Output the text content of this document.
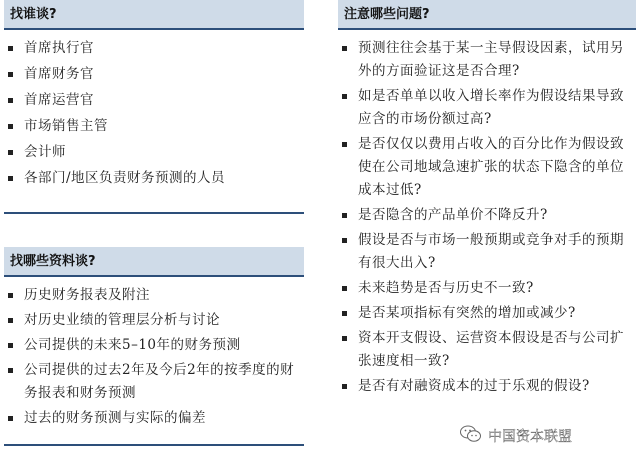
找谁谈?
首席执行官
首席财务官
首席运营官
市场销售主管
会计师
各部门/地区负责财务预测的人员
找哪些资料谈?
历史财务报表及附注
对历史业绩的管理层分析与讨论
公司提供的未来5–10年的财务预测
公司提供的过去2年及今后2年的按季度的财务报表和财务预测
过去的财务预测与实际的偏差
注意哪些问题?
预测往往会基于某一主导假设因素，试用另外的方面验证这是否合理?
如是否单单以收入增长率作为假设结果导致应含的市场份额过高?
是否仅仅以费用占收入的百分比作为假设致使在公司地域急速扩张的状态下隐含的单位成本过低?
是否隐含的产品单价不降反升?
假设是否与市场一般预期或竞争对手的预期有很大出入?
未来趋势是否与历史不一致?
是否某项指标有突然的增加或减少?
资本开支假设、运营资本假设是否与公司扩张速度相一致?
是否有对融资成本的过于乐观的假设?
中国资本联盟
